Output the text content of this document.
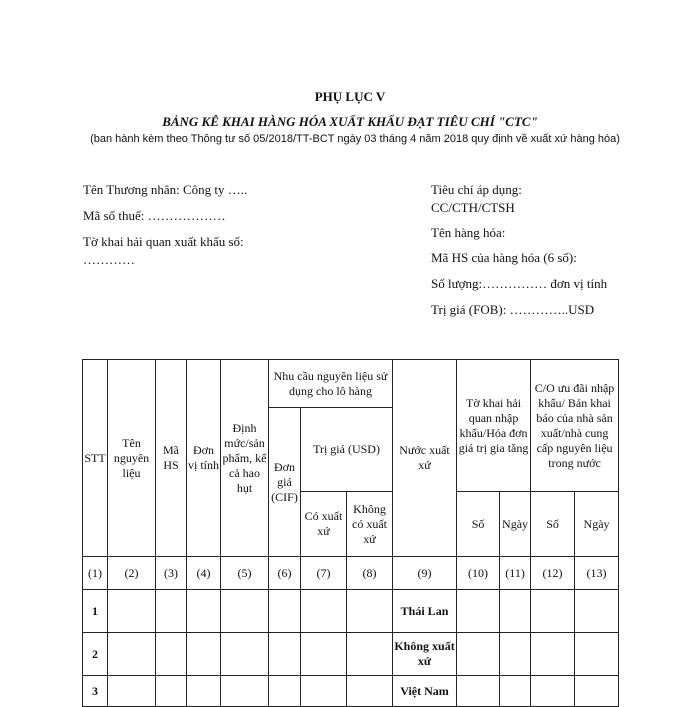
PHỤ LỤC V
BẢNG KÊ KHAI HÀNG HÓA XUẤT KHẨU ĐẠT TIÊU CHÍ "CTC"
(ban hành kèm theo Thông tư số 05/2018/TT-BCT ngày 03 tháng 4 năm 2018 quy định về xuất xứ hàng hóa)
Tên Thương nhân: Công ty …..
Mã số thuế: ………………
Tờ khai hải quan xuất khẩu số:
…………
Tiêu chí áp dụng:
CC/CTH/CTSH
Tên hàng hóa:
Mã HS của hàng hóa (6 số):
Số lượng:…………… đơn vị tính
Trị giá (FOB): …………..USD
STT	Tên nguyên liệu	Mã HS	Đơn vị tính	Định mức/sản phẩm, kể cả hao hụt	Nhu cầu nguyên liệu sử dụng cho lô hàng			Nước xuất xứ	Tờ khai hải quan nhập khẩu/Hóa đơn giá trị gia tăng		C/O ưu đãi nhập khẩu/ Bản khai báo của nhà sản xuất/nhà cung cấp nguyên liệu trong nước	
					Đơn giá (CIF)	Trị giá (USD)						
						Có xuất xứ	Không có xuất xứ		Số	Ngày	Số	Ngày
(1)	(2)	(3)	(4)	(5)	(6)	(7)	(8)	(9)	(10)	(11)	(12)	(13)
1								Thái Lan				
2								Không xuất xứ				
3								Việt Nam				
